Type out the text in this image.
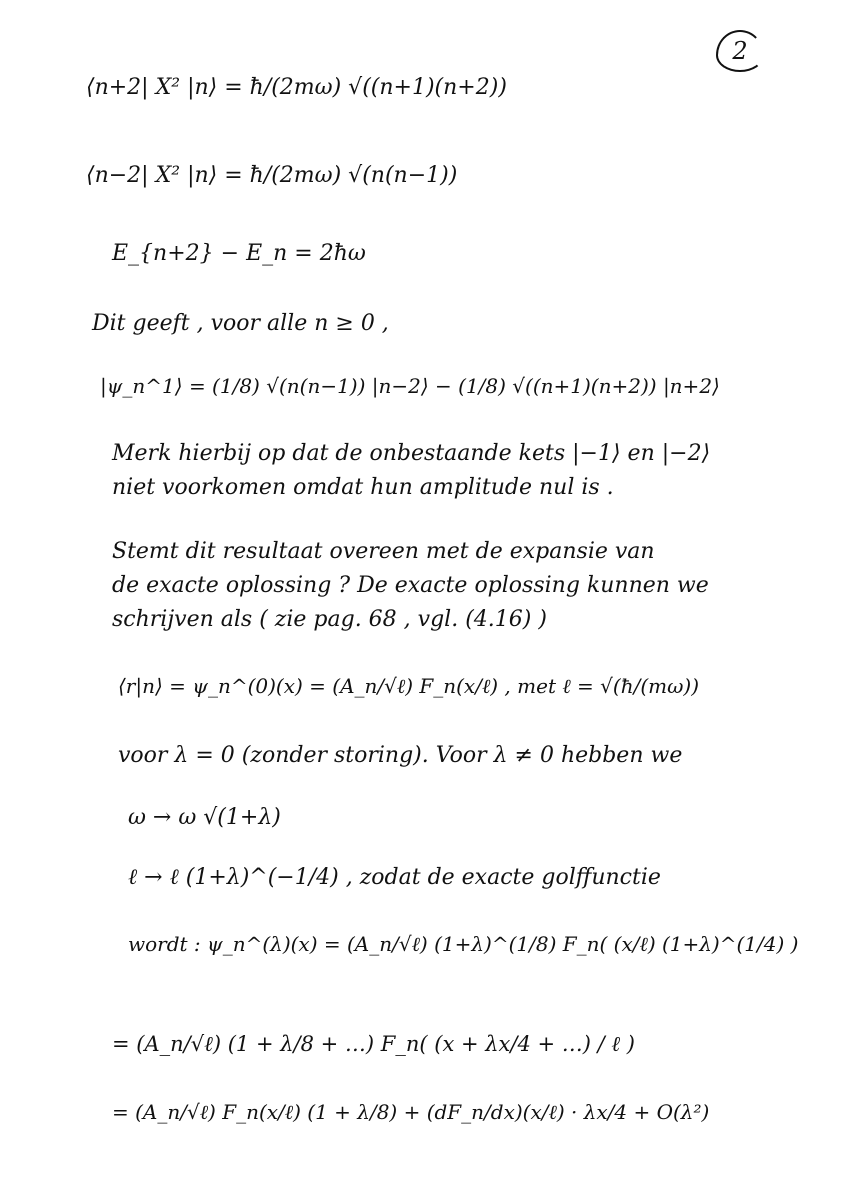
2
⟨n+2| X² |n⟩ = ħ/(2mω) √((n+1)(n+2))
⟨n−2| X² |n⟩ = ħ/(2mω) √(n(n−1))
E_{n+2} − E_n = 2ħω
Dit geeft , voor alle n ≥ 0 ,
|ψ_n^1⟩ = (1/8) √(n(n−1)) |n−2⟩ − (1/8) √((n+1)(n+2)) |n+2⟩
Merk hierbij op dat de onbestaande kets |−1⟩ en |−2⟩
niet voorkomen omdat hun amplitude nul is .
Stemt dit resultaat overeen met de expansie van
de exacte oplossing ? De exacte oplossing kunnen we
schrijven als ( zie pag. 68 , vgl. (4.16) )
⟨r|n⟩ = ψ_n^(0)(x) = (A_n/√ℓ) F_n(x/ℓ) , met ℓ = √(ħ/(mω))
voor λ = 0 (zonder storing). Voor λ ≠ 0 hebben we
ω → ω √(1+λ)
ℓ → ℓ (1+λ)^(−1/4) , zodat de exacte golffunctie
wordt : ψ_n^(λ)(x) = (A_n/√ℓ) (1+λ)^(1/8) F_n( (x/ℓ) (1+λ)^(1/4) )
= (A_n/√ℓ) (1 + λ/8 + …) F_n( (x + λx/4 + …) / ℓ )
= (A_n/√ℓ) F_n(x/ℓ) (1 + λ/8) + (dF_n/dx)(x/ℓ) · λx/4 + O(λ²)
